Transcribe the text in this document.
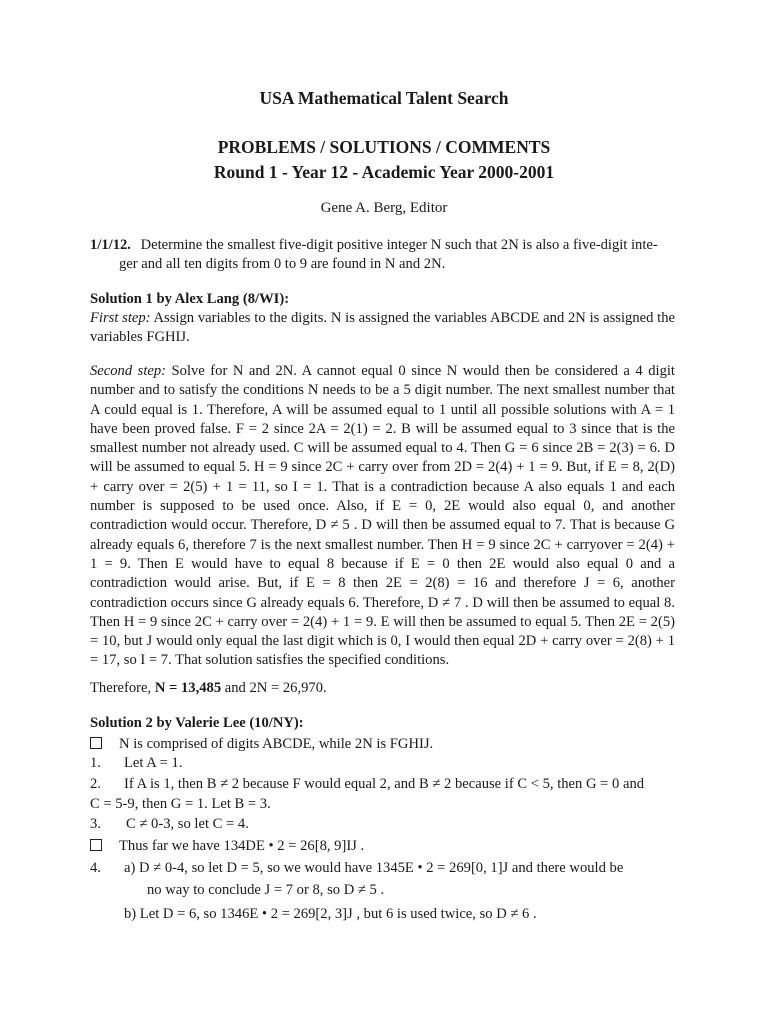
USA Mathematical Talent Search
PROBLEMS / SOLUTIONS / COMMENTS
Round 1 - Year 12 - Academic Year 2000-2001
Gene A. Berg, Editor
1/1/12. Determine the smallest five-digit positive integer N such that 2N is also a five-digit inte-
ger and all ten digits from 0 to 9 are found in N and 2N.
Solution 1 by Alex Lang (8/WI):

First step: Assign variables to the digits. N is assigned the variables ABCDE and 2N is assigned the variables FGHIJ.

Second step: Solve for N and 2N. A cannot equal 0 since N would then be considered a 4 digit number and to satisfy the conditions N needs to be a 5 digit number. The next smallest number that A could equal is 1. Therefore, A will be assumed equal to 1 until all possible solutions with A = 1 have been proved false. F = 2 since 2A = 2(1) = 2. B will be assumed equal to 3 since that is the smallest number not already used. C will be assumed equal to 4. Then G = 6 since 2B = 2(3) = 6. D will be assumed to equal 5. H = 9 since 2C + carry over from 2D = 2(4) + 1 = 9. But, if E = 8, 2(D) + carry over = 2(5) + 1 = 11, so I = 1. That is a contradiction because A also equals 1 and each number is supposed to be used once. Also, if E = 0, 2E would also equal 0, and another contradiction would occur. Therefore, D ≠ 5 . D will then be assumed equal to 7. That is because G already equals 6, therefore 7 is the next smallest number. Then H = 9 since 2C + carryover = 2(4) + 1 = 9. Then E would have to equal 8 because if E = 0 then 2E would also equal 0 and a contradiction would arise. But, if E = 8 then 2E = 2(8) = 16 and therefore J = 6, another contradiction occurs since G already equals 6. Therefore, D ≠ 7 . D will then be assumed to equal 8. Then H = 9 since 2C + carry over = 2(4) + 1 = 9. E will then be assumed to equal 5. Then 2E = 2(5) = 10, but J would only equal the last digit which is 0, I would then equal 2D + carry over = 2(8) + 1 = 17, so I = 7. That solution satisfies the specified conditions.

Therefore, N = 13,485 and 2N = 26,970.
Solution 2 by Valerie Lee (10/NY):
N is comprised of digits ABCDE, while 2N is FGHIJ.
1. Let A = 1.
2. If A is 1, then B ≠ 2 because F would equal 2, and B ≠ 2 because if C < 5, then G = 0 and
C = 5-9, then G = 1. Let B = 3.
3. C ≠ 0-3, so let C = 4.
Thus far we have 134DE • 2 = 26[8, 9]IJ .
4. a) D ≠ 0-4, so let D = 5, so we would have 1345E • 2 = 269[0, 1]J and there would be
no way to conclude J = 7 or 8, so D ≠ 5 .
b) Let D = 6, so 1346E • 2 = 269[2, 3]J , but 6 is used twice, so D ≠ 6 .
